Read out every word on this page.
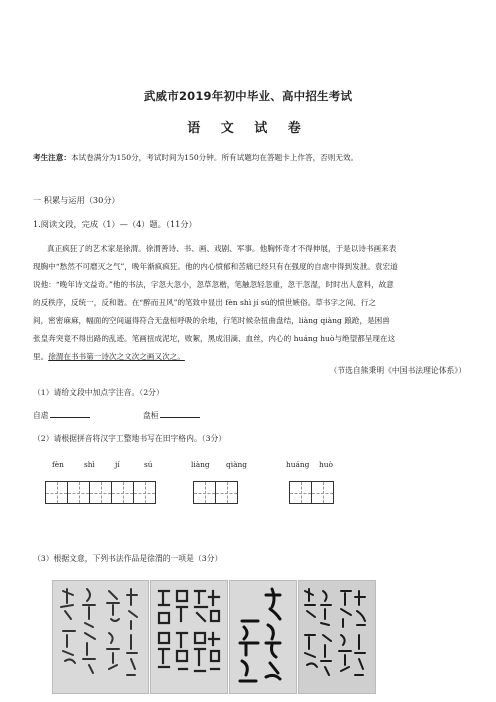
武威市2019年初中毕业、高中招生考试
语 文 试 卷
考生注意：本试卷满分为150分，考试时间为150分钟。所有试题均在答题卡上作答，否则无效。
一 积累与运用（30分）
1.阅读文段，完成（1）—（4）题。（11分）
真正疯狂了的艺术家是徐渭。徐渭善诗、书、画、戏剧、军事。他胸怀奇才不得伸展，于是以诗书画来表
现胸中“愁然不可磨灭之气”，晚年渐疯疯狂。他的内心愤郁和苦痛已经只有在强度的自虐中得到发泄。袁宏道
说他：“晚年诗文益奇。”他的书法，字忽大忽小，忽草忽楷，笔触忽轻忽重，忽干忽湿，时时出人意料，故意
的反秩序，反统一，反和谐。在“醉而丑风”的笔致中显出 fèn shì jí sú的愤世嫉俗。草书字之间、行之
间，密密麻麻，幅面的空间逼得符合无盘桓呼吸的余地，行笔时候杂扭曲盘结，liàng qiàng 踉跄，是困兽
张皇奔突竟不得出路的乱迹。笔画扭成泥坨，败絮，黑成泪滴、血丝，内心的 huáng huò与绝望都呈现在这
里。徐渭在书书第一诗次之文次之画又次之。
（节选自熊秉明《中国书法理论体系》）
（1）请给文段中加点字注音。（2分）
自虐	盘桓
（2）请根据拼音将汉字工整地书写在田字格内。（3分）
fèn	shì	jí	sú	liàng qiàng	huáng huò
（3）根据文意，下列书法作品是徐渭的一项是（3分）
